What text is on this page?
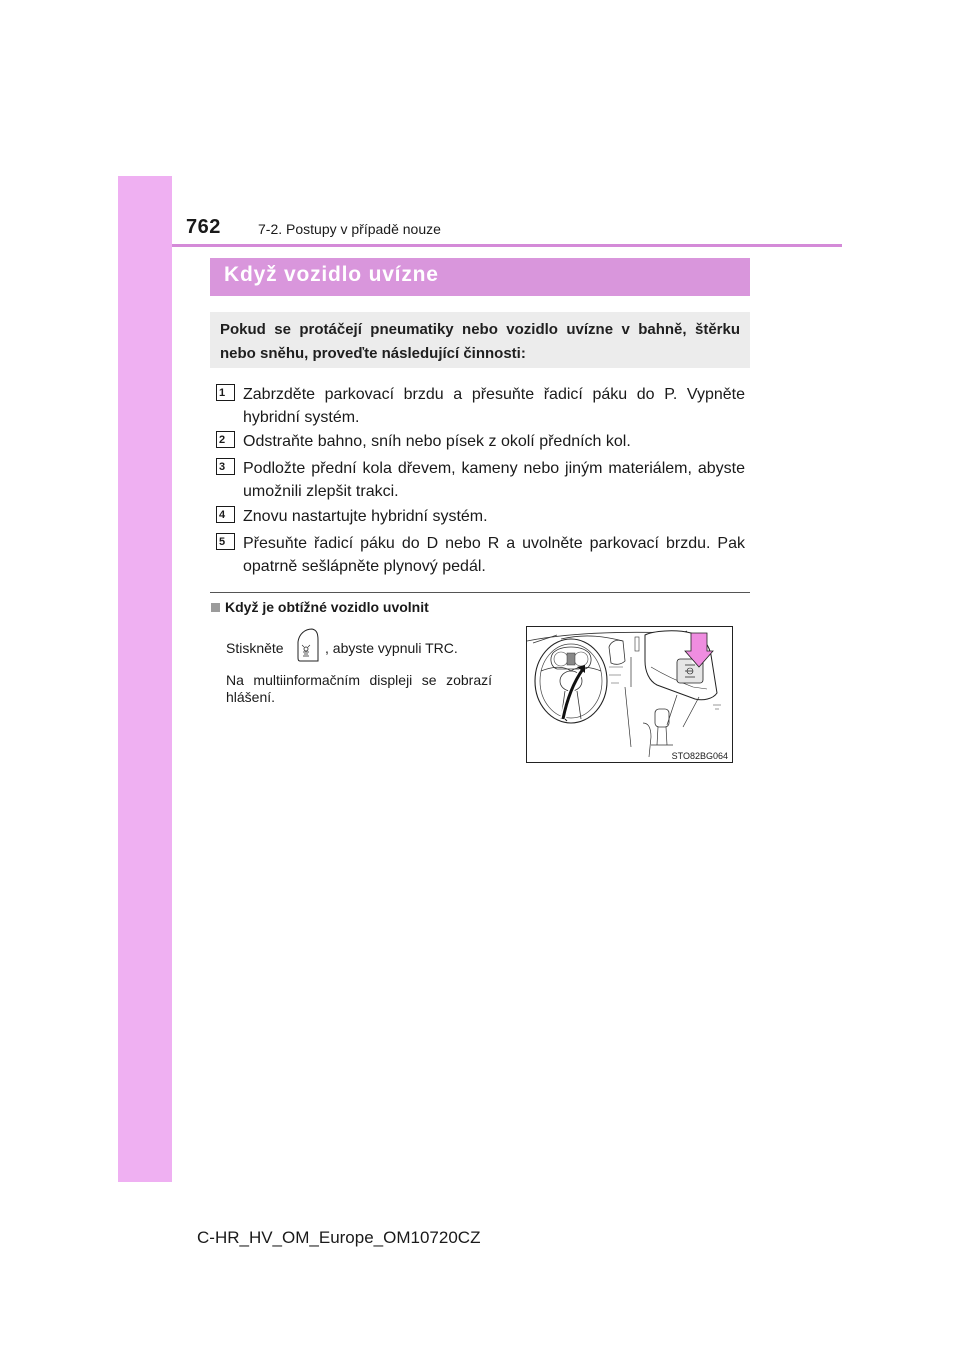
762	7-2. Postupy v případě nouze
Když vozidlo uvízne
Pokud se protáčejí pneumatiky nebo vozidlo uvízne v bahně, štěrku nebo sněhu, proveďte následující činnosti:
1	Zabrzděte parkovací brzdu a přesuňte řadicí páku do P. Vypněte hybridní systém.
2	Odstraňte bahno, sníh nebo písek z okolí předních kol.
3	Podložte přední kola dřevem, kameny nebo jiným materiálem, abyste umožnili zlepšit trakci.
4	Znovu nastartujte hybridní systém.
5	Přesuňte řadicí páku do D nebo R a uvolněte parkovací brzdu. Pak opatrně sešlápněte plynový pedál.
Když je obtížné vozidlo uvolnit
Stiskněte	, abyste vypnuli TRC.
Na multiinformačním displeji se zobrazí hlášení.
STO82BG064
C-HR_HV_OM_Europe_OM10720CZ
